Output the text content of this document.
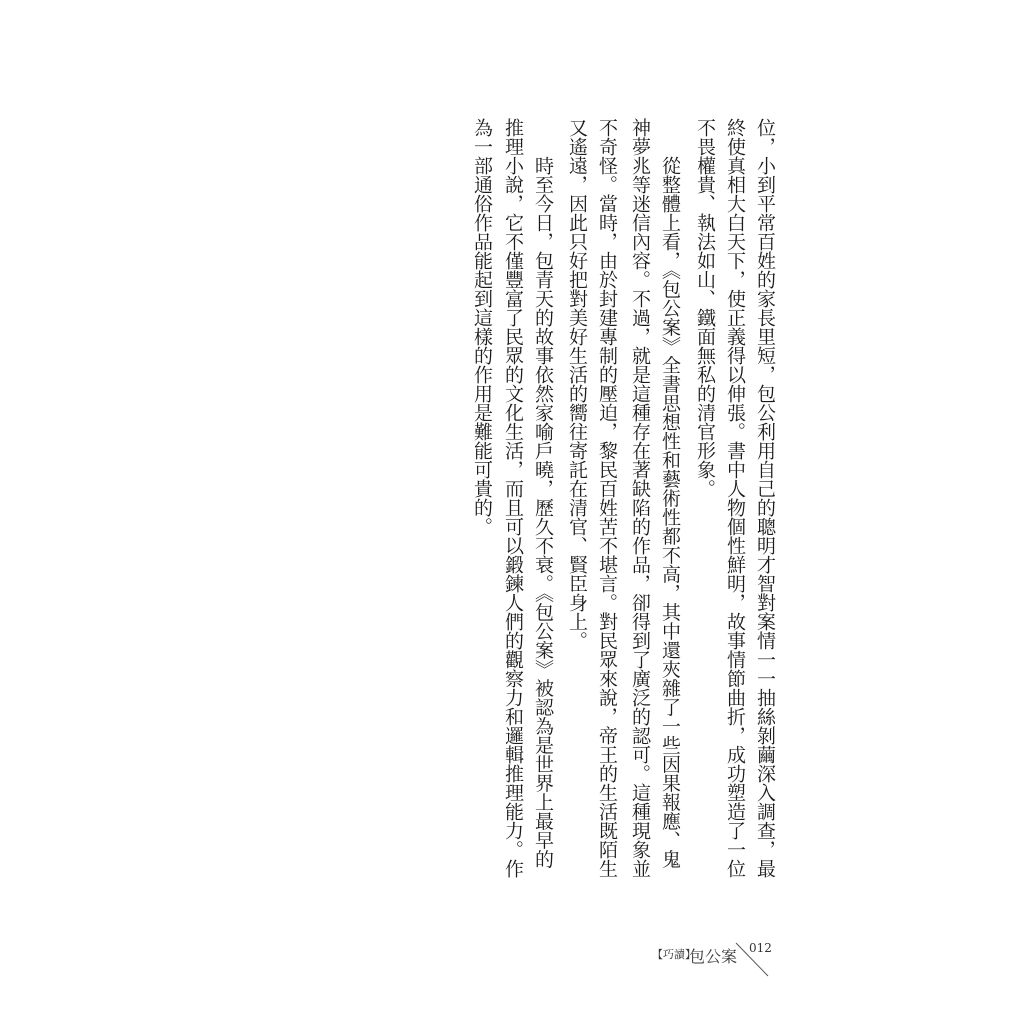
位，小到平常百姓的家長里短，包公利用自己的聰明才智對案情一一抽絲剝繭深入調查，最
終使真相大白天下，使正義得以伸張。書中人物個性鮮明，故事情節曲折，成功塑造了一位
不畏權貴、執法如山、鐵面無私的清官形象。
從整體上看，《包公案》全書思想性和藝術性都不高，其中還夾雜了一些因果報應、鬼
神夢兆等迷信內容。不過，就是這種存在著缺陷的作品，卻得到了廣泛的認可。這種現象並
不奇怪。當時，由於封建專制的壓迫，黎民百姓苦不堪言。對民眾來說，帝王的生活既陌生
又遙遠，因此只好把對美好生活的嚮往寄託在清官、賢臣身上。
時至今日，包青天的故事依然家喻戶曉，歷久不衰。《包公案》被認為是世界上最早的
推理小說，它不僅豐富了民眾的文化生活，而且可以鍛鍊人們的觀察力和邏輯推理能力。作
為一部通俗作品能起到這樣的作用是難能可貴的。
【巧讀】
包公案 012
